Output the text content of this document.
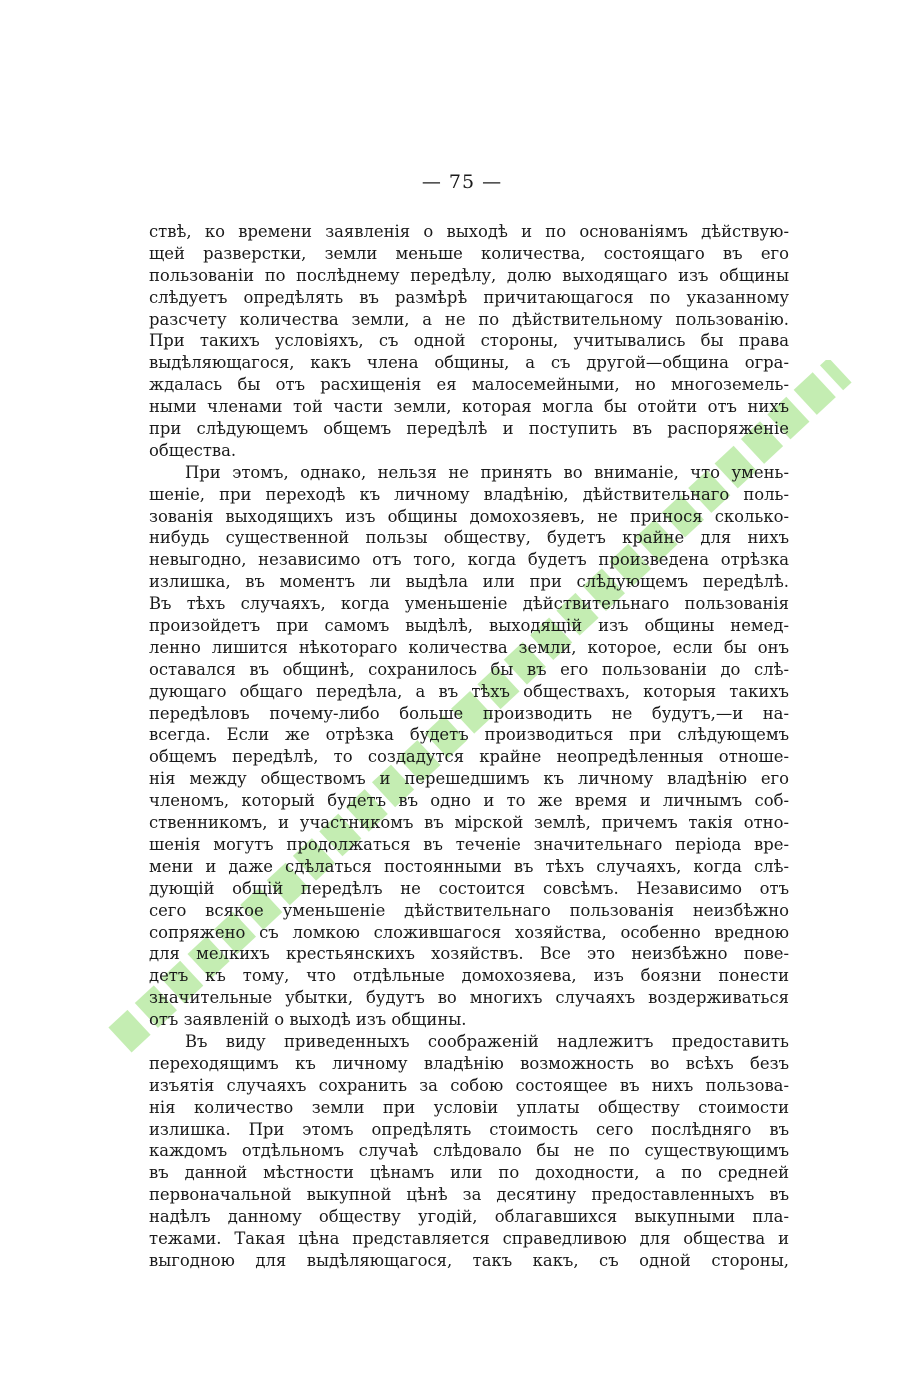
— 75 —
ствѣ, ко времени заявленія о выходѣ и по основаніямъ дѣйствую-
щей разверстки, земли меньше количества, состоящаго въ его
пользованіи по послѣднему передѣлу, долю выходящаго изъ общины
слѣдуетъ опредѣлять въ размѣрѣ причитающагося по указанному
разсчету количества земли, а не по дѣйствительному пользованію.
При такихъ условіяхъ, съ одной стороны, учитывались бы права
выдѣляющагося, какъ члена общины, а съ другой—община огра-
ждалась бы отъ расхищенія ея малосемейными, но многоземель-
ными членами той части земли, которая могла бы отойти отъ нихъ
при слѣдующемъ общемъ передѣлѣ и поступить въ распоряженіе
общества.
При этомъ, однако, нельзя не принять во вниманіе, что умень-
шеніе, при переходѣ къ личному владѣнію, дѣйствительнаго поль-
зованія выходящихъ изъ общины домохозяевъ, не принося сколько-
нибудь существенной пользы обществу, будетъ крайне для нихъ
невыгодно, независимо отъ того, когда будетъ произведена отрѣзка
излишка, въ моментъ ли выдѣла или при слѣдующемъ передѣлѣ.
Въ тѣхъ случаяхъ, когда уменьшеніе дѣйствительнаго пользованія
произойдетъ при самомъ выдѣлѣ, выходящій изъ общины немед-
ленно лишится нѣкотораго количества земли, которое, если бы онъ
оставался въ общинѣ, сохранилось бы въ его пользованіи до слѣ-
дующаго общаго передѣла, а въ тѣхъ обществахъ, которыя такихъ
передѣловъ почему-либо больше производить не будутъ,—и на-
всегда. Если же отрѣзка будетъ производиться при слѣдующемъ
общемъ передѣлѣ, то создадутся крайне неопредѣленныя отноше-
нія между обществомъ и перешедшимъ къ личному владѣнію его
членомъ, который будетъ въ одно и то же время и личнымъ соб-
ственникомъ, и участникомъ въ мірской землѣ, причемъ такія отно-
шенія могутъ продолжаться въ теченіе значительнаго періода вре-
мени и даже сдѣлаться постоянными въ тѣхъ случаяхъ, когда слѣ-
дующій общій передѣлъ не состоится совсѣмъ. Независимо отъ
сего всякое уменьшеніе дѣйствительнаго пользованія неизбѣжно
сопряжено съ ломкою сложившагося хозяйства, особенно вредною
для мелкихъ крестьянскихъ хозяйствъ. Все это неизбѣжно пове-
детъ къ тому, что отдѣльные домохозяева, изъ боязни понести
значительные убытки, будутъ во многихъ случаяхъ воздерживаться
отъ заявленій о выходѣ изъ общины.
Въ виду приведенныхъ соображеній надлежитъ предоставить
переходящимъ къ личному владѣнію возможность во всѣхъ безъ
изъятія случаяхъ сохранить за собою состоящее въ нихъ пользова-
нія количество земли при условіи уплаты обществу стоимости
излишка. При этомъ опредѣлять стоимость сего послѣдняго въ
каждомъ отдѣльномъ случаѣ слѣдовало бы не по существующимъ
въ данной мѣстности цѣнамъ или по доходности, а по средней
первоначальной выкупной цѣнѣ за десятину предоставленныхъ въ
надѣлъ данному обществу угодій, облагавшихся выкупными пла-
тежами. Такая цѣна представляется справедливою для общества и
выгодною для выдѣляющагося, такъ какъ, съ одной стороны,
